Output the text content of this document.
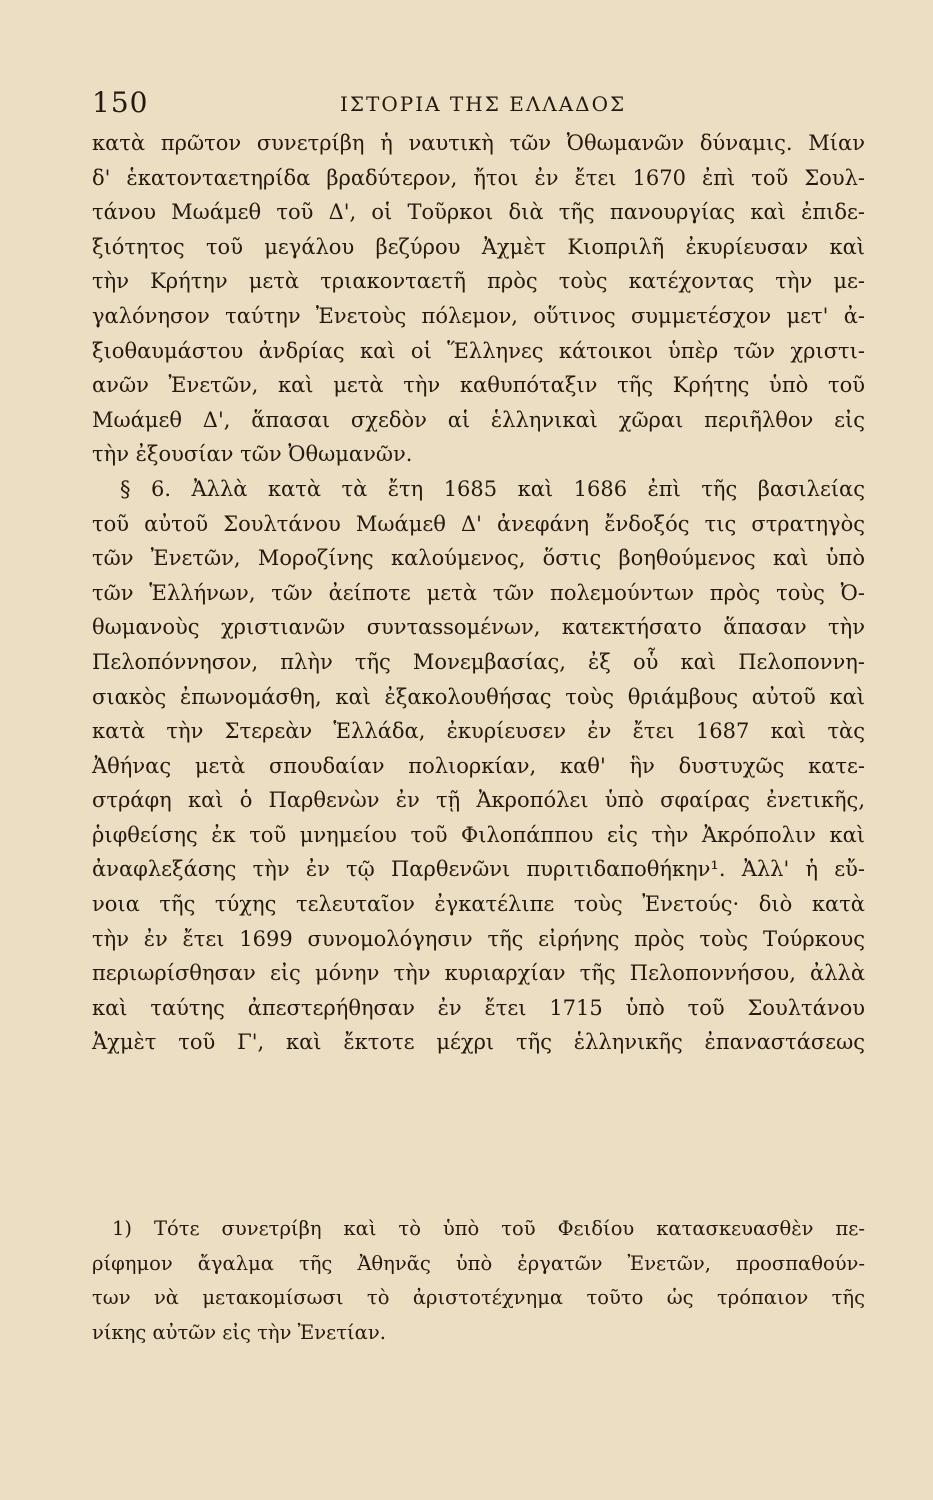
150	ΙΣΤΟΡΙΑ ΤΗΣ ΕΛΛΑΔΟΣ
κατὰ πρῶτον συνετρίβη ἡ ναυτικὴ τῶν Ὀθωμανῶν δύναμις. Μίαν
δ' ἑκατονταετηρίδα βραδύτερον, ἤτοι ἐν ἔτει 1670 ἐπὶ τοῦ Σουλ-
τάνου Μωάμεθ τοῦ Δ', οἱ Τοῦρκοι διὰ τῆς πανουργίας καὶ ἐπιδε-
ξιότητος τοῦ μεγάλου βεζύρου Ἀχμὲτ Κιοπριλῆ ἐκυρίευσαν καὶ
τὴν Κρήτην μετὰ τριακονταετῆ πρὸς τοὺς κατέχοντας τὴν με-
γαλόνησον ταύτην Ἐνετοὺς πόλεμον, οὕτινος συμμετέσχον μετ' ἀ-
ξιοθαυμάστου ἀνδρίας καὶ οἱ Ἕλληνες κάτοικοι ὑπὲρ τῶν χριστι-
ανῶν Ἐνετῶν, καὶ μετὰ τὴν καθυπόταξιν τῆς Κρήτης ὑπὸ τοῦ
Μωάμεθ Δ', ἅπασαι σχεδὸν αἱ ἑλληνικαὶ χῶραι περιῆλθον εἰς
τὴν ἐξουσίαν τῶν Ὀθωμανῶν.
§ 6. Ἀλλὰ κατὰ τὰ ἔτη 1685 καὶ 1686 ἐπὶ τῆς βασιλείας
τοῦ αὐτοῦ Σουλτάνου Μωάμεθ Δ' ἀνεφάνη ἔνδοξός τις στρατηγὸς
τῶν Ἐνετῶν, Μοροζίνης καλούμενος, ὅστις βοηθούμενος καὶ ὑπὸ
τῶν Ἑλλήνων, τῶν ἀείποτε μετὰ τῶν πολεμούντων πρὸς τοὺς Ὀ-
θωμανοὺς χριστιανῶν συνταssομένων, κατεκτήσατο ἅπασαν τὴν
Πελοπόννησον, πλὴν τῆς Μονεμβασίας, ἐξ οὗ καὶ Πελοποννη-
σιακὸς ἐπωνομάσθη, καὶ ἐξακολουθήσας τοὺς θριάμβους αὐτοῦ καὶ
κατὰ τὴν Στερεὰν Ἑλλάδα, ἐκυρίευσεν ἐν ἔτει 1687 καὶ τὰς
Ἀθήνας μετὰ σπουδαίαν πολιορκίαν, καθ' ἣν δυστυχῶς κατε-
στράφη καὶ ὁ Παρθενὼν ἐν τῇ Ἀκροπόλει ὑπὸ σφαίρας ἐνετικῆς,
ῥιφθείσης ἐκ τοῦ μνημείου τοῦ Φιλοπάππου εἰς τὴν Ἀκρόπολιν καὶ
ἀναφλεξάσης τὴν ἐν τῷ Παρθενῶνι πυριτιδαποθήκην¹. Ἀλλ' ἡ εὔ-
νοια τῆς τύχης τελευταῖον ἐγκατέλιπε τοὺς Ἐνετούς· διὸ κατὰ
τὴν ἐν ἔτει 1699 συνομολόγησιν τῆς εἰρήνης πρὸς τοὺς Τούρκους
περιωρίσθησαν εἰς μόνην τὴν κυριαρχίαν τῆς Πελοποννήσου, ἀλλὰ
καὶ ταύτης ἀπεστερήθησαν ἐν ἔτει 1715 ὑπὸ τοῦ Σουλτάνου
Ἀχμὲτ τοῦ Γ', καὶ ἔκτοτε μέχρι τῆς ἑλληνικῆς ἐπαναστάσεως
1) Τότε συνετρίβη καὶ τὸ ὑπὸ τοῦ Φειδίου κατασκευασθὲν πε-
ρίφημον ἄγαλμα τῆς Ἀθηνᾶς ὑπὸ ἐργατῶν Ἐνετῶν, προσπαθούν-
των νὰ μετακομίσωσι τὸ ἀριστοτέχνημα τοῦτο ὡς τρόπαιον τῆς
νίκης αὐτῶν εἰς τὴν Ἐνετίαν.
